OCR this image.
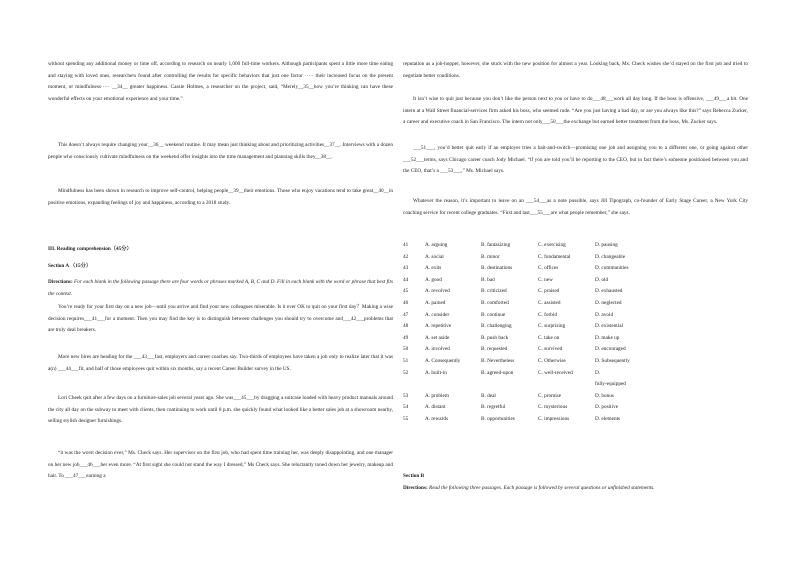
without spending any additional money or time off, according to research on nearly 1,000 full-time workers. Although participants spent a little more time eating and staying with loved ones, researchers found after controlling the results for specific behaviors that just one factor ····· their increased focus on the present moment, or mindfulness····· __34__ greater happiness. Cassie Holmes, a researcher on the project, said, “Merely__35__how you’re thinking can have these wonderful effects on your emotional experience and your time.”

This doesn’t always require changing your__36__ weekend routine. It may mean just thinking about and prioritizing activities__37__. Interviews with a dozen people who consciously cultivate mindfulness on the weekend offer insights into the time management and planning skills they__38__.

Mindfulness has been shown in research to improve self-control, helping people__39__their emotions. Those who enjoy vacations tend to take great__40__in positive emotions, expanding feelings of joy and happiness, according to a 2018 study.

III. Reading comprehension（45分）
Section A （15分）
Directions: For each blank in the following passage there are four words or phrases marked A, B, C and D. Fill in each blank with the word or phrase that best fits the context.

You’re ready for your first day on a new job—until you arrive and find your new colleagues miserable. Is it ever OK to quit on your first day？Making a wise decision requires___41___for a moment. Then you may find the key is to distinguish between challenges you should try to overcome and___42___problems that are truly deal breakers.

More new hires are heading for the ___43___fast, employers and career coaches say. Two-thirds of employees have taken a job only to realize later that it was a(n) ___44___fit, and half of those employees quit within six months, say a recent Career Builder survey in the US.

Lori Cheek quit after a few days on a furniture-sales job several years ago. She was___45___by dragging a suitcase loaded with heavy product manuals around the city all day on the subway to meet with clients, then continuing to work until 8 p.m. she quickly found what looked like a better sales job at a showroom nearby, selling stylish designer furnishings.

“it was the worst decision ever,” Ms. Check says. Her supervisor on the first job, who had spent time training her, was deeply disappointing, and one manager on her new job___46___her even more. “At first sight she could not stand the way I dressed,” Ms Check says. She reluctantly toned down her jewelry, makeup and hair. To ___47___earning a

reputation as a job-hopper, however, she stuck with the new position for almost a year. Looking back, Ms. Check wishes she’d stayed on the first job and tried to negotiate better conditions.

It isn’t wise to quit just because you don’t like the person next to you or have to do___48___work all day long. If the boss is offensive, ___49___a bit. One intern at a Wall Street financial-services firm asked his boss, who seemed rude. “Are you just having a bad day, or are you always like this?” says Rebecca Zucker, a career and executive coach in San Francisco. The intern not only___50___the exchange but earned better treatment from the boss, Ms. Zucker says.

___51___, you’d better quit early if an employer tries a bait-and-switch—promising one job and assigning you to a different one, or going against other ___52___terms, says Chicago career coach Jody Michael. “if you are told you’ll be reporting to the CEO, but in fact there’s someone positioned between you and the CEO, that’s a ___53___,” Ms. Michael says.

Whatever the reason, it’s important to leave on an ___54___as a note possible, says Jill Tipograph, co-founder of Early Stage Career, a New York City coaching service for recent college graduates. “First and last___55___are what people remember,” she says.

41	A. arguing	B. fantasizing	C. exercising	D. pausing
42	A. social	B. minor	C. fundamental	D. changeable
43	A. exits	B. destinations	C. offices	D. communities
44	A. good	B. bad	C. new	D. old
45	A. revolved	B. criticized	C. praised	D. exhausted
46	A. pained	B. comforted	C. assisted	D. neglected
47	A. consider	B. continue	C. forbid	D. avoid
48	A. repetitive	B. challenging	C. surprising	D. existential
49	A. set aside	B. push back	C. take on	D. make up
50	A. involved	B. requested	C. survived	D. encouraged
51	A. Consequently	B. Nevertheless	C. Otherwise	D. Subsequently
52	A. built-in	B. agreed-upon	C. well-received	D.
				fully-equipped
53	A. problem	B. deal	C. promise	D. bonus
54	A. distant	B. regretful	C. mysterious	D. positive
55	A. rewards	B. opportunities	C. impressions	D. elements
Section B
Directions: Read the following three passages. Each passage is followed by several questions or unfinished statements.
